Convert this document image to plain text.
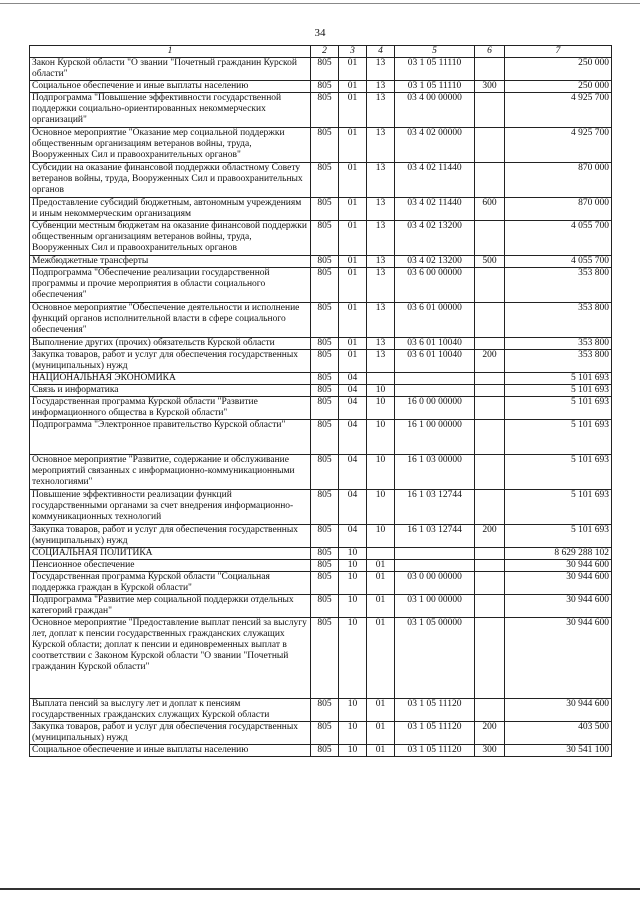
34
1	2	3	4	5	6	7
Закон Курской области "О звании "Почетный гражданин Курской области"	805	01	13	03 1 05 11110		250 000
Социальное обеспечение и иные выплаты населению	805	01	13	03 1 05 11110	300	250 000
Подпрограмма "Повышение эффективности государственной поддержки социально-ориентированных некоммерческих организаций"	805	01	13	03 4 00 00000		4 925 700
Основное мероприятие "Оказание мер социальной поддержки общественным организациям ветеранов войны, труда, Вооруженных Сил и правоохранительных органов"	805	01	13	03 4 02 00000		4 925 700
Субсидии на оказание финансовой поддержки областному Совету ветеранов войны, труда, Вооруженных Сил и правоохранительных органов	805	01	13	03 4 02 11440		870 000
Предоставление субсидий бюджетным, автономным учреждениям и иным некоммерческим организациям	805	01	13	03 4 02 11440	600	870 000
Субвенции местным бюджетам на оказание финансовой поддержки общественным организациям ветеранов войны, труда, Вооруженных Сил и правоохранительных органов	805	01	13	03 4 02 13200		4 055 700
Межбюджетные трансферты	805	01	13	03 4 02 13200	500	4 055 700
Подпрограмма "Обеспечение реализации государственной программы и прочие мероприятия в области социального обеспечения"	805	01	13	03 6 00 00000		353 800
Основное мероприятие "Обеспечение деятельности и исполнение функций органов исполнительной власти в сфере социального обеспечения"	805	01	13	03 6 01 00000		353 800
Выполнение других (прочих) обязательств Курской области	805	01	13	03 6 01 10040		353 800
Закупка товаров, работ и услуг для обеспечения государственных (муниципальных) нужд	805	01	13	03 6 01 10040	200	353 800
НАЦИОНАЛЬНАЯ ЭКОНОМИКА	805	04				5 101 693
Связь и информатика	805	04	10			5 101 693
Государственная программа Курской области "Развитие информационного общества в Курской области"	805	04	10	16 0 00 00000		5 101 693
Подпрограмма "Электронное правительство Курской области"	805	04	10	16 1 00 00000		5 101 693
Основное мероприятие "Развитие, содержание и обслуживание мероприятий связанных с информационно-коммуникационными технологиями"	805	04	10	16 1 03 00000		5 101 693
Повышение эффективности реализации функций государственными органами за счет внедрения информационно-коммуникационных технологий	805	04	10	16 1 03 12744		5 101 693
Закупка товаров, работ и услуг для обеспечения государственных (муниципальных) нужд	805	04	10	16 1 03 12744	200	5 101 693
СОЦИАЛЬНАЯ ПОЛИТИКА	805	10				8 629 288 102
Пенсионное обеспечение	805	10	01			30 944 600
Государственная программа Курской области "Социальная поддержка граждан в Курской области"	805	10	01	03 0 00 00000		30 944 600
Подпрограмма "Развитие мер социальной поддержки отдельных категорий граждан"	805	10	01	03 1 00 00000		30 944 600
Основное мероприятие "Предоставление выплат пенсий за выслугу лет, доплат к пенсии государственных гражданских служащих Курской области; доплат к пенсии и единовременных выплат в соответствии с Законом Курской области "О звании "Почетный гражданин Курской области"	805	10	01	03 1 05 00000		30 944 600
Выплата пенсий за выслугу лет и доплат к пенсиям государственных гражданских служащих Курской области	805	10	01	03 1 05 11120		30 944 600
Закупка товаров, работ и услуг для обеспечения государственных (муниципальных) нужд	805	10	01	03 1 05 11120	200	403 500
Социальное обеспечение и иные выплаты населению	805	10	01	03 1 05 11120	300	30 541 100
